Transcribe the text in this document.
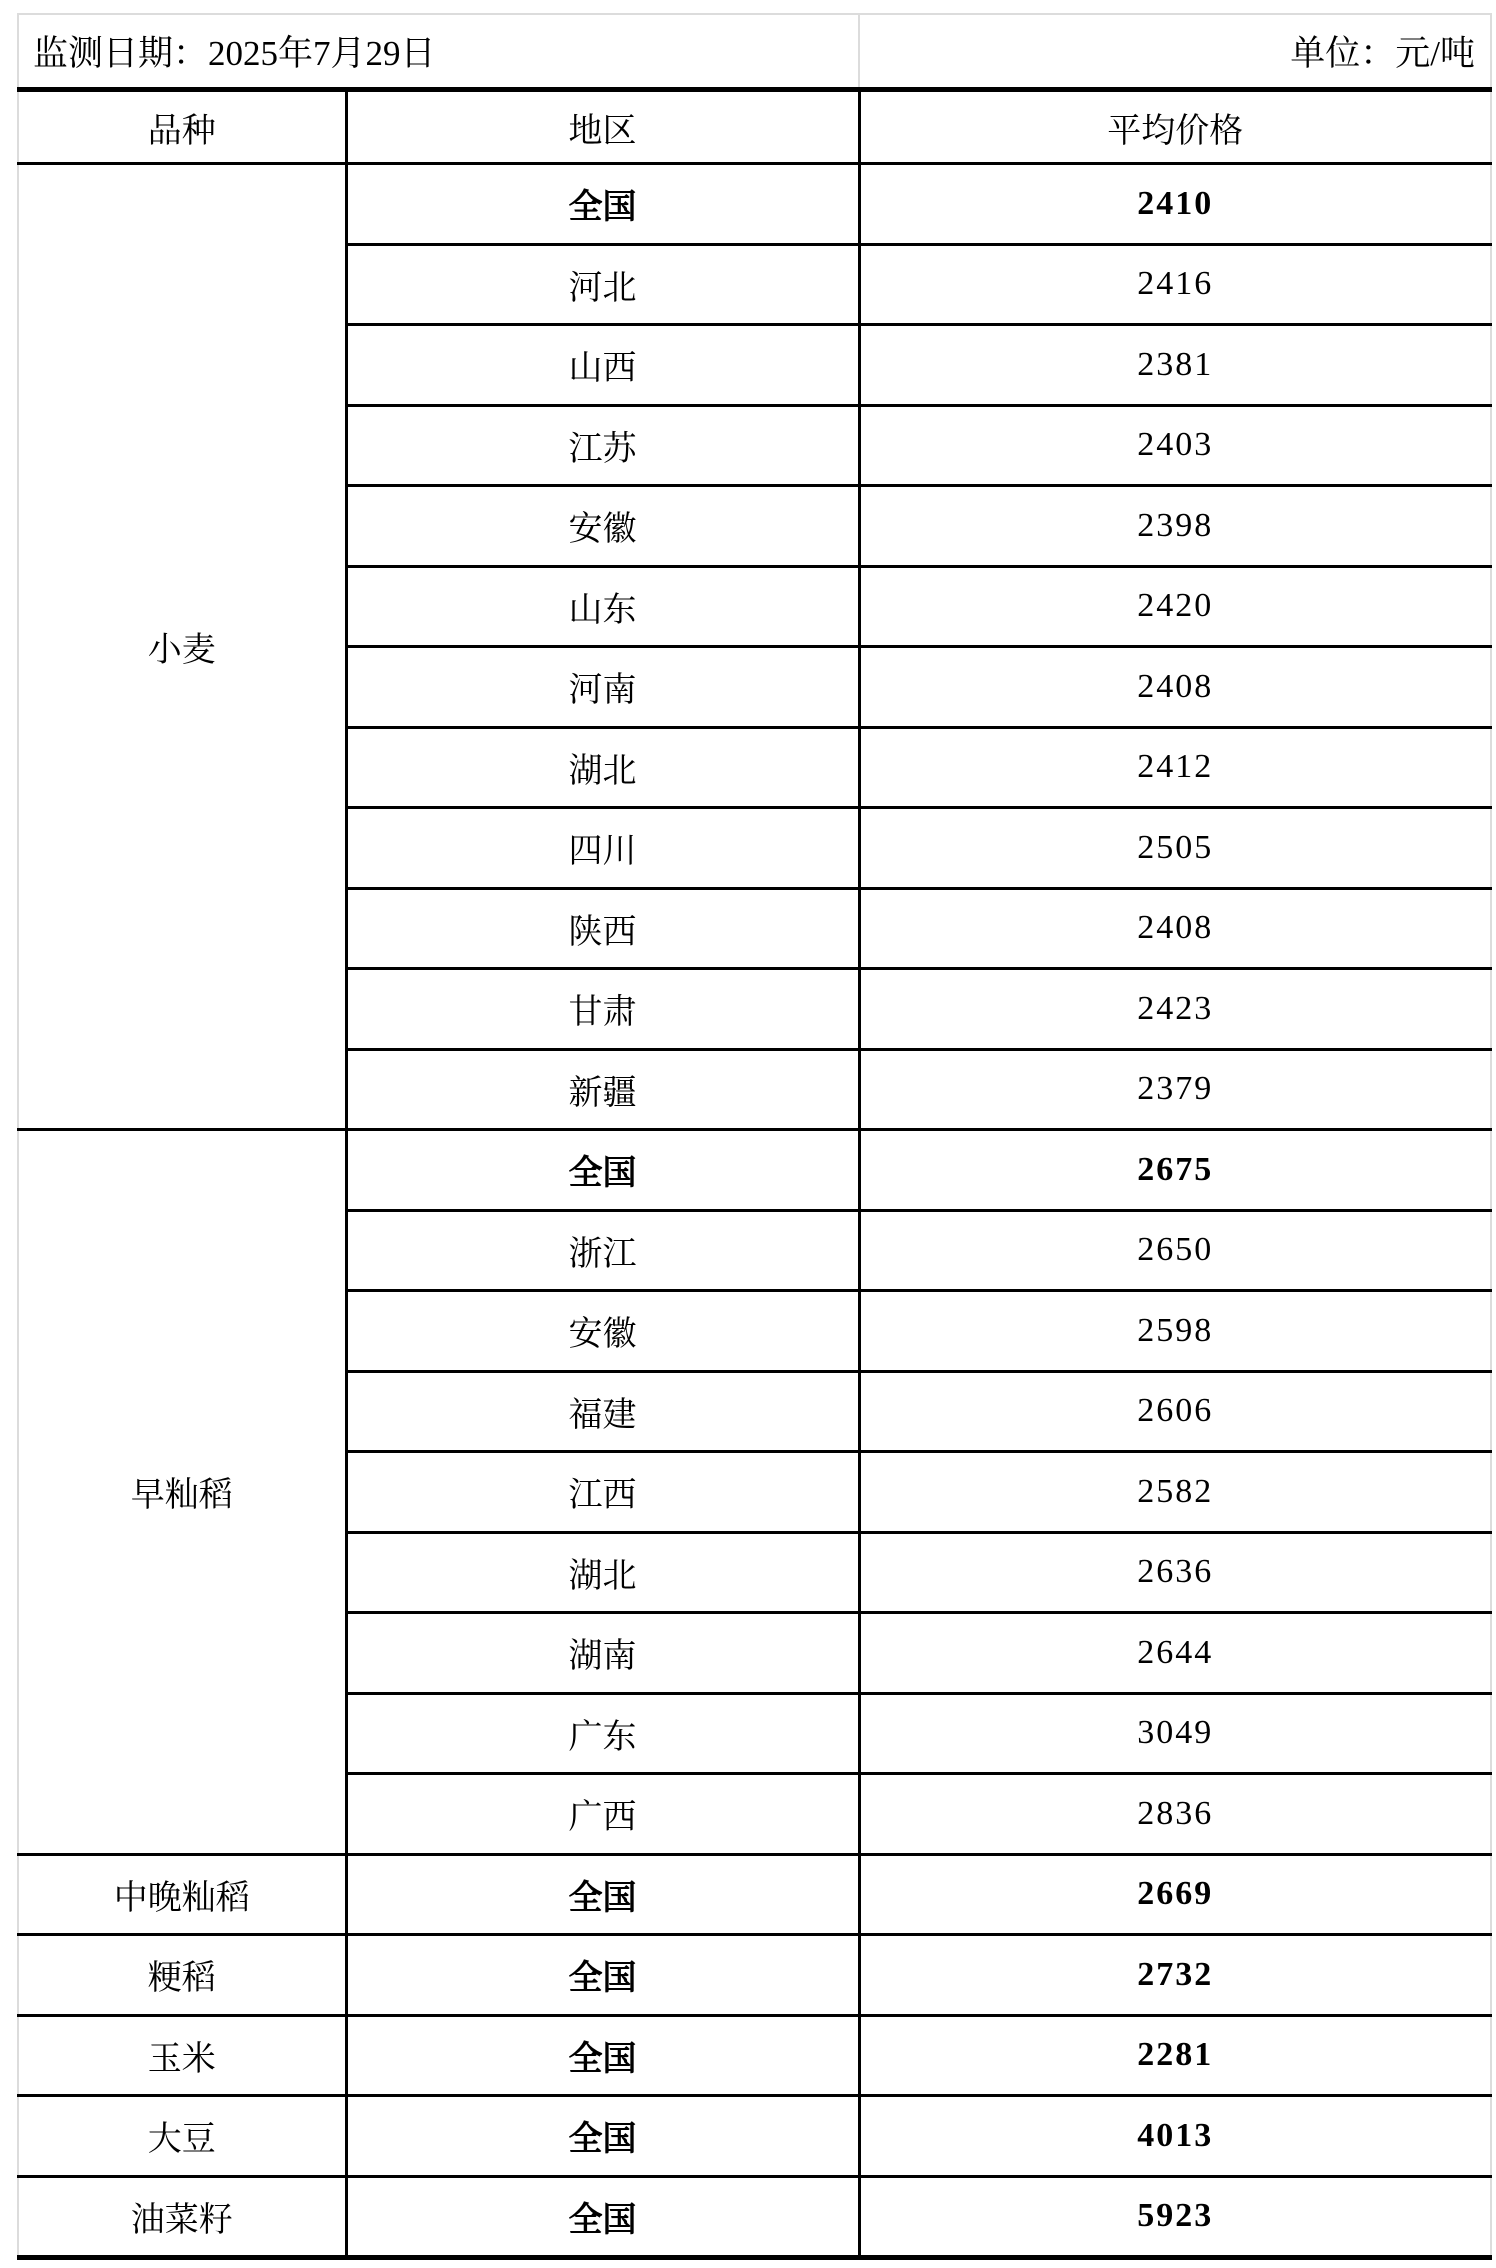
监测日期：2025年7月29日		单位：元/吨
品种	地区	平均价格
小麦	全国	2410
	河北	2416
	山西	2381
	江苏	2403
	安徽	2398
	山东	2420
	河南	2408
	湖北	2412
	四川	2505
	陕西	2408
	甘肃	2423
	新疆	2379
早籼稻	全国	2675
	浙江	2650
	安徽	2598
	福建	2606
	江西	2582
	湖北	2636
	湖南	2644
	广东	3049
	广西	2836
中晚籼稻	全国	2669
粳稻	全国	2732
玉米	全国	2281
大豆	全国	4013
油菜籽	全国	5923
